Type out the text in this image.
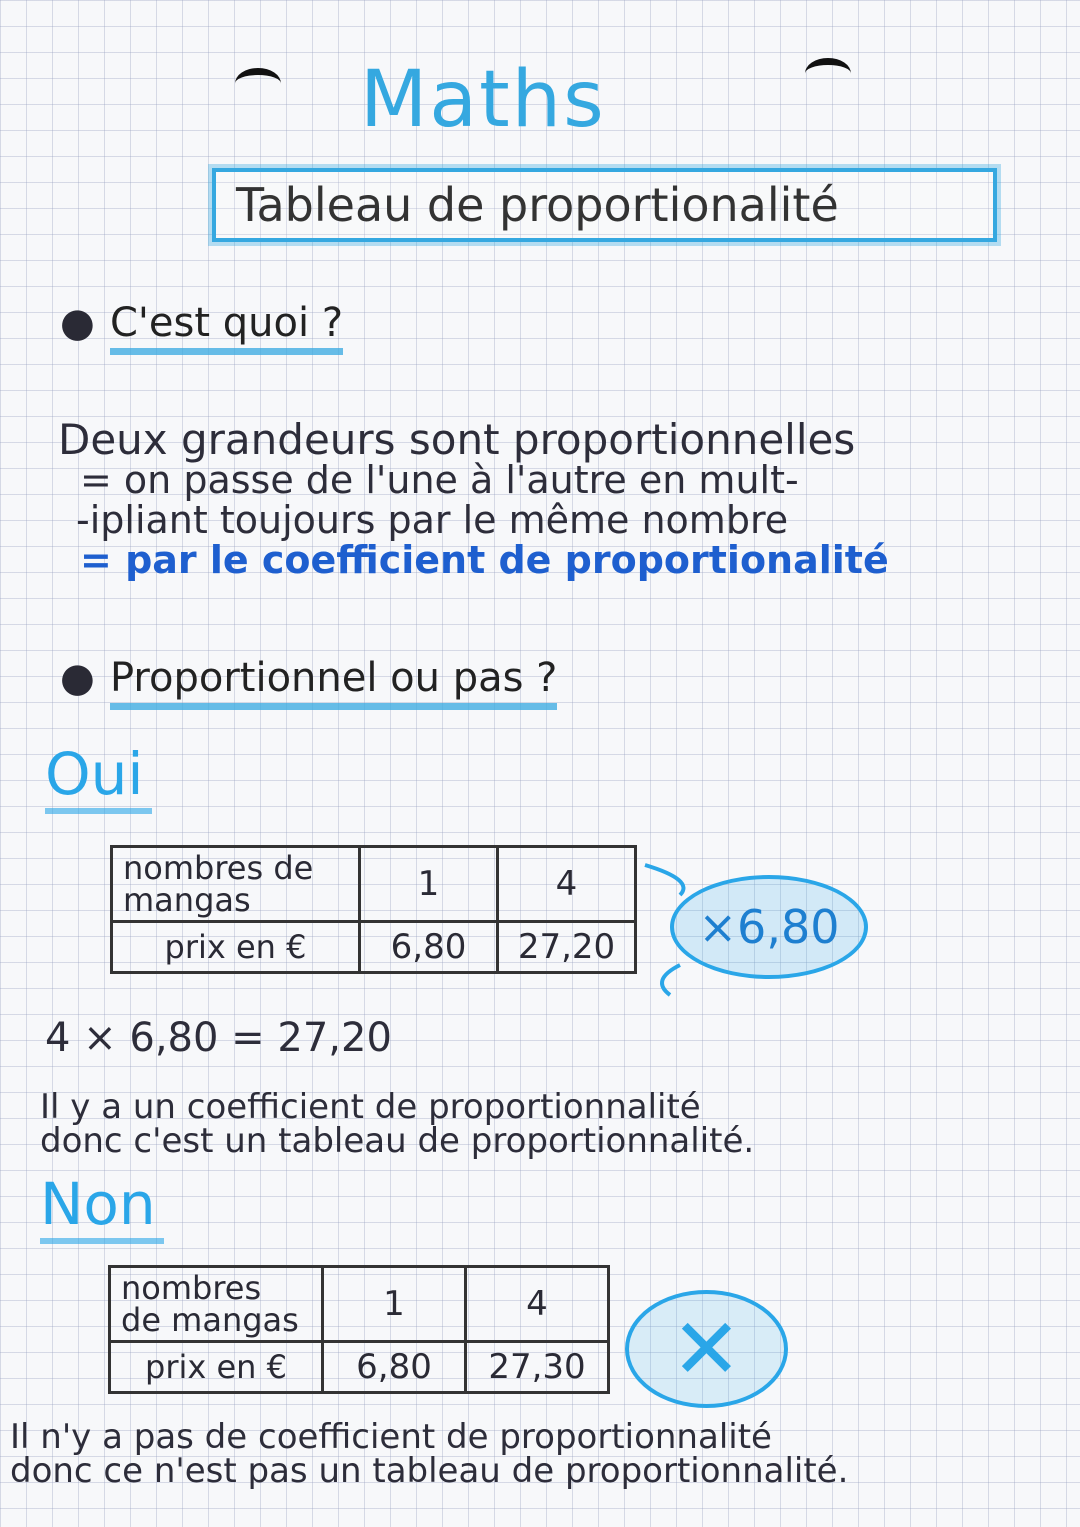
Maths
Tableau de proportionalité
● C'est quoi ?
Deux grandeurs sont proportionnelles
= on passe de l'une à l'autre en mult-
-ipliant toujours par le même nombre
= par le coefficient de proportionalité
● Proportionnel ou pas ?
Oui
nombres de mangas	1	4
prix en €	6,80	27,20	×6,80
4 × 6,80 = 27,20
Il y a un coefficient de proportionnalité
donc c'est un tableau de proportionnalité.
Non
nombres de mangas	1	4
prix en €	6,80	27,30	✕
Il n'y a pas de coefficient de proportionnalité
donc ce n'est pas un tableau de proportionnalité.
